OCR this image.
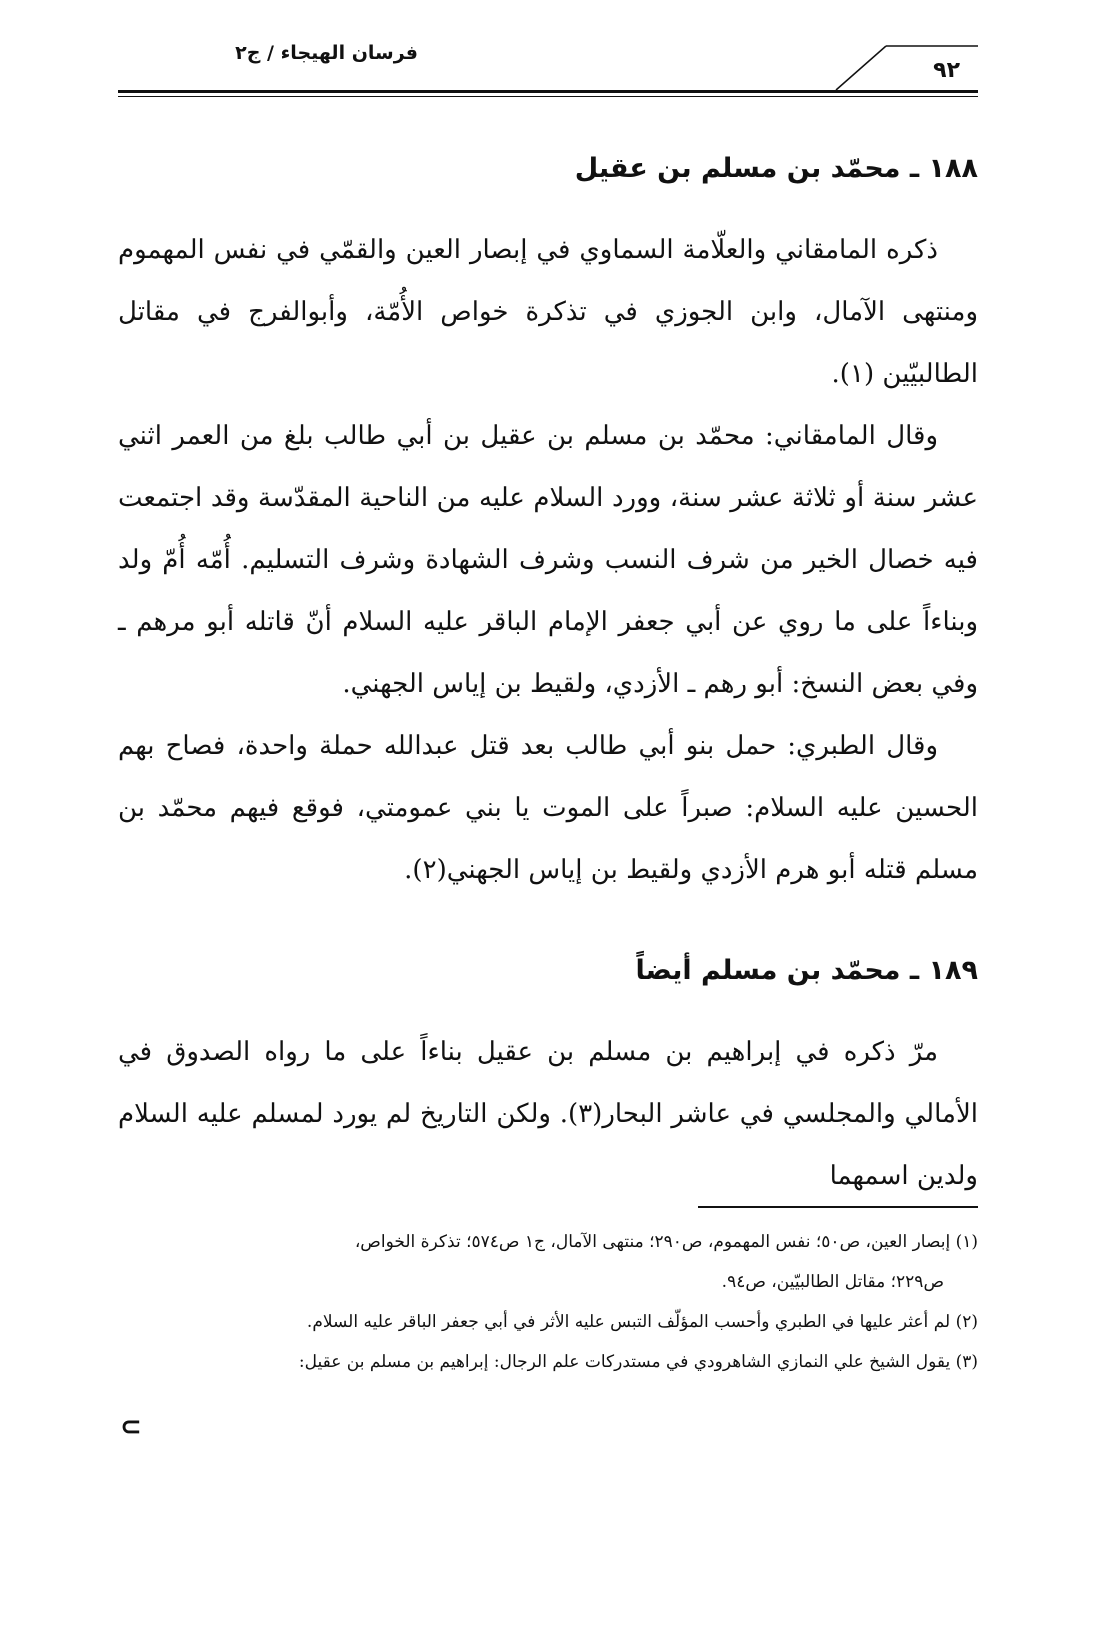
فرسان الهيجاء / ج٢
٩٢
١٨٨ ـ محمّد بن مسلم بن عقيل

ذكره المامقاني والعلّامة السماوي في إبصار العين والقمّي في نفس المهموم ومنتهى الآمال، وابن الجوزي في تذكرة خواص الأُمّة، وأبوالفرج في مقاتل الطالبيّين (١).

وقال المامقاني: محمّد بن مسلم بن عقيل بن أبي طالب بلغ من العمر اثني عشر سنة أو ثلاثة عشر سنة، وورد السلام عليه من الناحية المقدّسة وقد اجتمعت فيه خصال الخير من شرف النسب وشرف الشهادة وشرف التسليم. أُمّه أُمّ ولد وبناءاً على ما روي عن أبي جعفر الإمام الباقر عليه السلام أنّ قاتله أبو مرهم ـ وفي بعض النسخ: أبو رهم ـ الأزدي، ولقيط بن إياس الجهني.

وقال الطبري: حمل بنو أبي طالب بعد قتل عبدالله حملة واحدة، فصاح بهم الحسين عليه السلام: صبراً على الموت يا بني عمومتي، فوقع فيهم محمّد بن مسلم قتله أبو هرم الأزدي ولقيط بن إياس الجهني(٢).

١٨٩ ـ محمّد بن مسلم أيضاً

مرّ ذكره في إبراهيم بن مسلم بن عقيل بناءاً على ما رواه الصدوق في الأمالي والمجلسي في عاشر البحار(٣). ولكن التاريخ لم يورد لمسلم عليه السلام ولدين اسمهما

(١) إبصار العين، ص٥٠؛ نفس المهموم، ص٢٩٠؛ منتهى الآمال، ج١ ص٥٧٤؛ تذكرة الخواص،
ص٢٢٩؛ مقاتل الطالبيّين، ص٩٤.

(٢) لم أعثر عليها في الطبري وأحسب المؤلّف التبس عليه الأثر في أبي جعفر الباقر عليه السلام.

(٣) يقول الشيخ علي النمازي الشاهرودي في مستدركات علم الرجال: إبراهيم بن مسلم بن عقيل:

⊂
